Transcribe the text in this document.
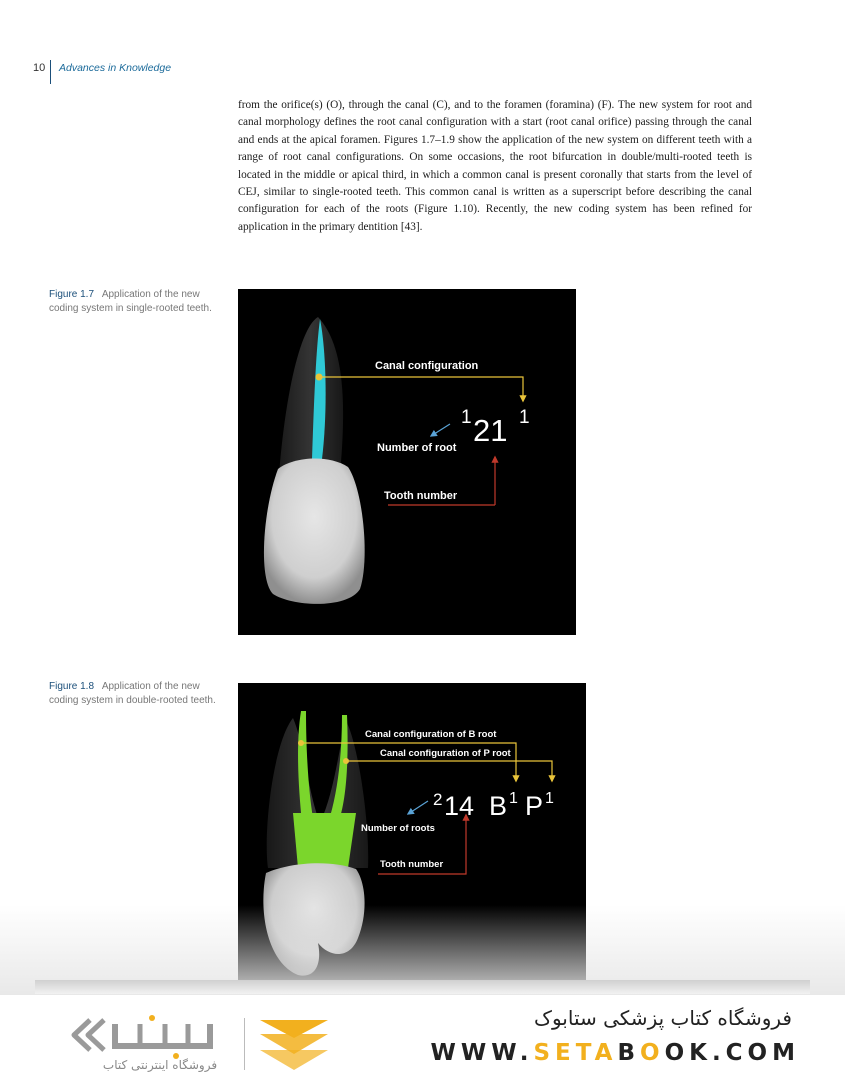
10 Advances in Knowledge

from the orifice(s) (O), through the canal (C), and to the foramen (foramina) (F). The new system for root and canal morphology defines the root canal configuration with a start (root canal orifice) passing through the canal and ends at the apical foramen. Figures 1.7–1.9 show the application of the new system on different teeth with a range of root canal configurations. On some occasions, the root bifurcation in double/multi-rooted teeth is located in the middle or apical third, in which a common canal is present coronally that starts from the level of CEJ, similar to single-rooted teeth. This common canal is written as a superscript before describing the canal configuration for each of the roots (Figure 1.10). Recently, the new coding system has been refined for application in the primary dentition [43].

Figure 1.7 Application of the new coding system in single-rooted teeth.
Canal configuration
Number of root
Tooth number
1 21 1
Figure 1.8 Application of the new coding system in double-rooted teeth.
Canal configuration of B root
Canal configuration of P root
Number of roots
Tooth number
2 14 B 1 P 1
فروشگاه اینترنتی کتاب
فروشگاه کتاب پزشکی ستابوک
WWW.SETABOOK.COM
